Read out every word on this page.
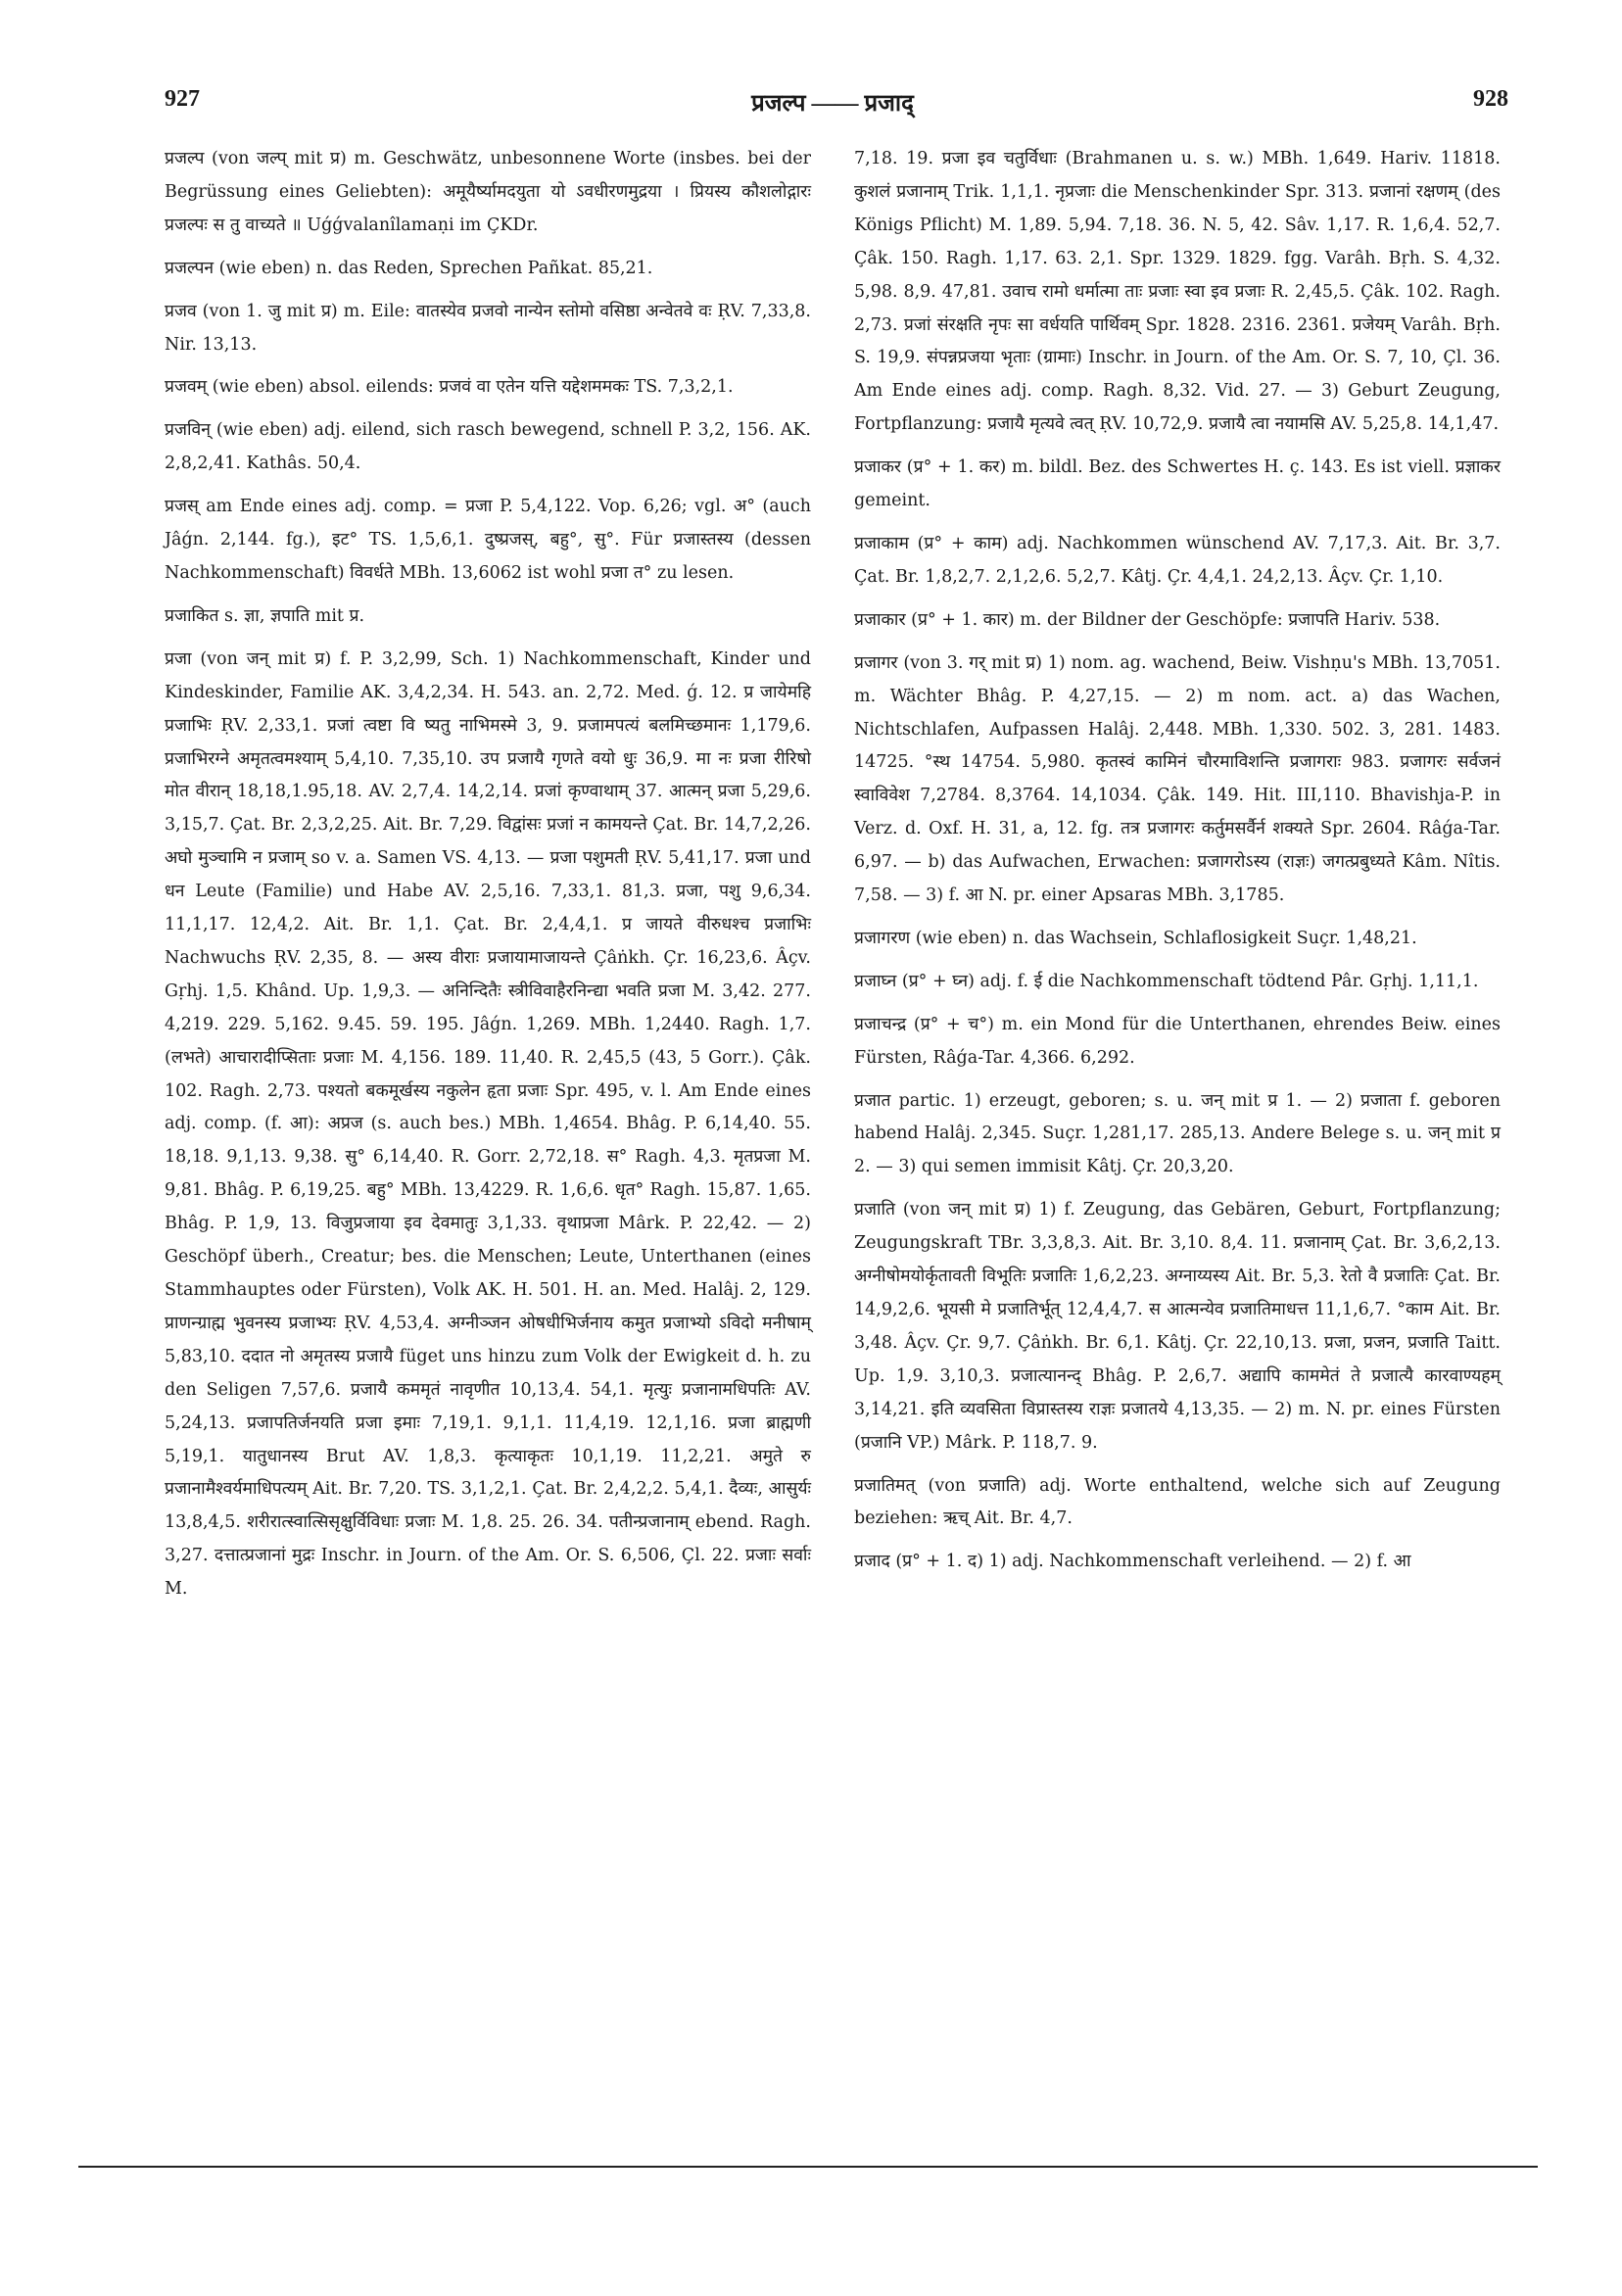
927	प्रजल्प —— प्रजाद्	928

प्रजल्प (von जल्प् mit प्र) m. Geschwätz, unbesonnene Worte (insbes. bei der Begrüssung eines Geliebten): अमूयैर्ष्यामदयुता यो ऽवधीरणमुद्रया । प्रियस्य कौशलोद्गारः प्रजल्पः स तु वाच्यते ॥ Uǵǵvalanîlamaṇi im ÇKDr.

प्रजल्पन (wie eben) n. das Reden, Sprechen Pañkat. 85,21.

प्रजव (von 1. जु mit प्र) m. Eile: वातस्येव प्रजवो नान्येन स्तोमो वसिष्ठा अन्वेतवे वः ṚV. 7,33,8. Nir. 13,13.

प्रजवम् (wie eben) absol. eilends: प्रजवं वा एतेन यत्ति यद्देशममकः TS. 7,3,2,1.

प्रजविन् (wie eben) adj. eilend, sich rasch bewegend, schnell P. 3,2, 156. AK. 2,8,2,41. Kathâs. 50,4.

प्रजस् am Ende eines adj. comp. = प्रजा P. 5,4,122. Vop. 6,26; vgl. अ° (auch Jâǵn. 2,144. fg.), इट° TS. 1,5,6,1. दुष्प्रजस्, बहु°, सु°. Für प्रजास्तस्य (dessen Nachkommenschaft) विवर्धते MBh. 13,6062 ist wohl प्रजा त° zu lesen.

प्रजाकित s. ज्ञा, ज्ञपाति mit प्र.

प्रजा (von जन् mit प्र) f. P. 3,2,99, Sch. 1) Nachkommenschaft, Kinder und Kindeskinder, Familie AK. 3,4,2,34. H. 543. an. 2,72. Med. ǵ. 12. प्र जायेमहि प्रजाभिः ṚV. 2,33,1. प्रजां त्वष्टा वि ष्यतु नाभिमस्मे 3, 9. प्रजामपत्यं बलमिच्छमानः 1,179,6. प्रजाभिरग्ने अमृतत्वमश्याम् 5,4,10. 7,35,10. उप प्रजायै गृणते वयो धुः 36,9. मा नः प्रजा रीरिषो मोत वीरान् 18,18,1.95,18. AV. 2,7,4. 14,2,14. प्रजां कृण्वाथाम् 37. आत्मन् प्रजा 5,29,6. 3,15,7. Çat. Br. 2,3,2,25. Ait. Br. 7,29. विद्वांसः प्रजां न कामयन्ते Çat. Br. 14,7,2,26. अघो मुञ्चामि न प्रजाम् so v. a. Samen VS. 4,13. — प्रजा पशुमती ṚV. 5,41,17. प्रजा und धन Leute (Familie) und Habe AV. 2,5,16. 7,33,1. 81,3. प्रजा, पशु 9,6,34. 11,1,17. 12,4,2. Ait. Br. 1,1. Çat. Br. 2,4,4,1. प्र जायते वीरुधश्च प्रजाभिः Nachwuchs ṚV. 2,35, 8. — अस्य वीराः प्रजायामाजायन्ते Çâṅkh. Çr. 16,23,6. Âçv. Gṛhj. 1,5. Khând. Up. 1,9,3. — अनिन्दितैः स्त्रीविवाहैरनिन्द्या भवति प्रजा M. 3,42. 277. 4,219. 229. 5,162. 9.45. 59. 195. Jâǵn. 1,269. MBh. 1,2440. Ragh. 1,7. (लभते) आचारादीप्सिताः प्रजाः M. 4,156. 189. 11,40. R. 2,45,5 (43, 5 Gorr.). Çâk. 102. Ragh. 2,73. पश्यतो बकमूर्खस्य नकुलेन हृता प्रजाः Spr. 495, v. l. Am Ende eines adj. comp. (f. आ): अप्रज (s. auch bes.) MBh. 1,4654. Bhâg. P. 6,14,40. 55. 18,18. 9,1,13. 9,38. सु° 6,14,40. R. Gorr. 2,72,18. स° Ragh. 4,3. मृतप्रजा M. 9,81. Bhâg. P. 6,19,25. बहु° MBh. 13,4229. R. 1,6,6. धृत° Ragh. 15,87. 1,65. Bhâg. P. 1,9, 13. विजुप्रजाया इव देवमातुः 3,1,33. वृथाप्रजा Mârk. P. 22,42. — 2) Geschöpf überh., Creatur; bes. die Menschen; Leute, Unterthanen (eines Stammhauptes oder Fürsten), Volk AK. H. 501. H. an. Med. Halâj. 2, 129. प्राणन्ग्राह्म भुवनस्य प्रजाभ्यः ṚV. 4,53,4. अग्नीञ्जन ओषधीभिर्जनाय कमुत प्रजाभ्यो ऽविदो मनीषाम् 5,83,10. ददात नो अमृतस्य प्रजायै füget uns hinzu zum Volk der Ewigkeit d. h. zu den Seligen 7,57,6. प्रजायै कममृतं नावृणीत 10,13,4. 54,1. मृत्युः प्रजानामधिपतिः AV. 5,24,13. प्रजापतिर्जनयति प्रजा इमाः 7,19,1. 9,1,1. 11,4,19. 12,1,16. प्रजा ब्राह्मणी 5,19,1. यातुधानस्य Brut AV. 1,8,3. कृत्याकृतः 10,1,19. 11,2,21. अमुते रु प्रजानामैश्वर्यमाधिपत्यम् Ait. Br. 7,20. TS. 3,1,2,1. Çat. Br. 2,4,2,2. 5,4,1. दैव्यः, आसुर्यः 13,8,4,5. शरीरात्स्वात्सिसृक्षुर्विविधाः प्रजाः M. 1,8. 25. 26. 34. पतीन्प्रजानाम् ebend. Ragh. 3,27. दत्तात्प्रजानां मुद्रः Inschr. in Journ. of the Am. Or. S. 6,506, Çl. 22. प्रजाः सर्वाः M.

7,18. 19. प्रजा इव चतुर्विधाः (Brahmanen u. s. w.) MBh. 1,649. Hariv. 11818. कुशलं प्रजानाम् Trik. 1,1,1. नृप्रजाः die Menschenkinder Spr. 313. प्रजानां रक्षणम् (des Königs Pflicht) M. 1,89. 5,94. 7,18. 36. N. 5, 42. Sâv. 1,17. R. 1,6,4. 52,7. Çâk. 150. Ragh. 1,17. 63. 2,1. Spr. 1329. 1829. fgg. Varâh. Bṛh. S. 4,32. 5,98. 8,9. 47,81. उवाच रामो धर्मात्मा ताः प्रजाः स्वा इव प्रजाः R. 2,45,5. Çâk. 102. Ragh. 2,73. प्रजां संरक्षति नृपः सा वर्धयति पार्थिवम् Spr. 1828. 2316. 2361. प्रजेयम् Varâh. Bṛh. S. 19,9. संपन्नप्रजया भृताः (ग्रामाः) Inschr. in Journ. of the Am. Or. S. 7, 10, Çl. 36. Am Ende eines adj. comp. Ragh. 8,32. Vid. 27. — 3) Geburt Zeugung, Fortpflanzung: प्रजायै मृत्यवे त्वत् ṚV. 10,72,9. प्रजायै त्वा नयामसि AV. 5,25,8. 14,1,47.

प्रजाकर (प्र° + 1. कर) m. bildl. Bez. des Schwertes H. ç. 143. Es ist viell. प्रज्ञाकर gemeint.

प्रजाकाम (प्र° + काम) adj. Nachkommen wünschend AV. 7,17,3. Ait. Br. 3,7. Çat. Br. 1,8,2,7. 2,1,2,6. 5,2,7. Kâtj. Çr. 4,4,1. 24,2,13. Âçv. Çr. 1,10.

प्रजाकार (प्र° + 1. कार) m. der Bildner der Geschöpfe: प्रजापति Hariv. 538.

प्रजागर (von 3. गर् mit प्र) 1) nom. ag. wachend, Beiw. Vishṇu's MBh. 13,7051. m. Wächter Bhâg. P. 4,27,15. — 2) m nom. act. a) das Wachen, Nichtschlafen, Aufpassen Halâj. 2,448. MBh. 1,330. 502. 3, 281. 1483. 14725. °स्थ 14754. 5,980. कृतस्वं कामिनं चौरमाविशन्ति प्रजागराः 983. प्रजागरः सर्वजनं स्वाविवेश 7,2784. 8,3764. 14,1034. Çâk. 149. Hit. III,110. Bhavishja-P. in Verz. d. Oxf. H. 31, a, 12. fg. तत्र प्रजागरः कर्तुमसर्वैर्न शक्यते Spr. 2604. Râǵa-Tar. 6,97. — b) das Aufwachen, Erwachen: प्रजागरोऽस्य (राज्ञः) जगत्प्रबुध्यते Kâm. Nîtis. 7,58. — 3) f. आ N. pr. einer Apsaras MBh. 3,1785.

प्रजागरण (wie eben) n. das Wachsein, Schlaflosigkeit Suçr. 1,48,21.

प्रजाघ्न (प्र° + घ्न) adj. f. ई die Nachkommenschaft tödtend Pâr. Gṛhj. 1,11,1.

प्रजाचन्द्र (प्र° + च°) m. ein Mond für die Unterthanen, ehrendes Beiw. eines Fürsten, Râǵa-Tar. 4,366. 6,292.

प्रजात partic. 1) erzeugt, geboren; s. u. जन् mit प्र 1. — 2) प्रजाता f. geboren habend Halâj. 2,345. Suçr. 1,281,17. 285,13. Andere Belege s. u. जन् mit प्र 2. — 3) qui semen immisit Kâtj. Çr. 20,3,20.

प्रजाति (von जन् mit प्र) 1) f. Zeugung, das Gebären, Geburt, Fortpflanzung; Zeugungskraft TBr. 3,3,8,3. Ait. Br. 3,10. 8,4. 11. प्रजानाम् Çat. Br. 3,6,2,13. अग्नीषोमयोर्कृतावती विभूतिः प्रजातिः 1,6,2,23. अग्नाय्यस्य Ait. Br. 5,3. रेतो वै प्रजातिः Çat. Br. 14,9,2,6. भूयसी मे प्रजातिर्भूत् 12,4,4,7. स आत्मन्येव प्रजातिमाधत्त 11,1,6,7. °काम Ait. Br. 3,48. Âçv. Çr. 9,7. Çâṅkh. Br. 6,1. Kâtj. Çr. 22,10,13. प्रजा, प्रजन, प्रजाति Taitt. Up. 1,9. 3,10,3. प्रजात्यानन्द् Bhâg. P. 2,6,7. अद्यापि काममेतं ते प्रजात्यै कारवाण्यहम् 3,14,21. इति व्यवसिता विप्रास्तस्य राज्ञः प्रजातये 4,13,35. — 2) m. N. pr. eines Fürsten (प्रजानि VP.) Mârk. P. 118,7. 9.

प्रजातिमत् (von प्रजाति) adj. Worte enthaltend, welche sich auf Zeugung beziehen: ऋच् Ait. Br. 4,7.

प्रजाद (प्र° + 1. द) 1) adj. Nachkommenschaft verleihend. — 2) f. आ
